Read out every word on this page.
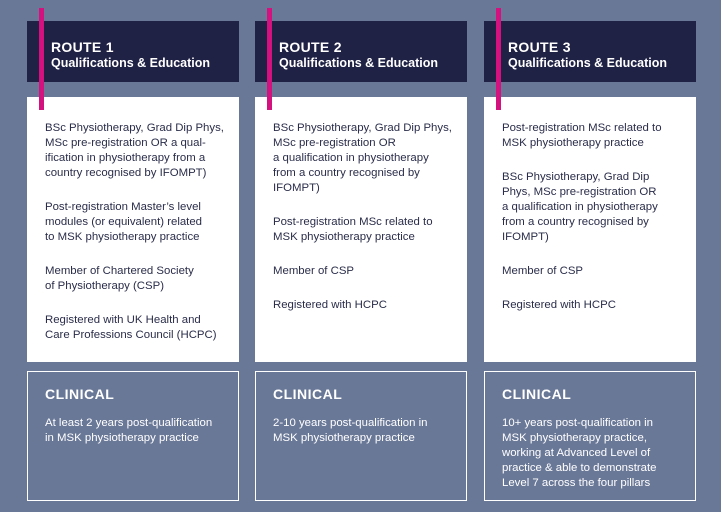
ROUTE 1
Qualifications & Education
BSc Physiotherapy, Grad Dip Phys,
MSc pre-registration OR a qual-
ification in physiotherapy from a
country recognised by IFOMPT)
Post-registration Master’s level
modules (or equivalent) related
to MSK physiotherapy practice
Member of Chartered Society
of Physiotherapy (CSP)
Registered with UK Health and
Care Professions Council (HCPC)
CLINICAL
At least 2 years post-qualification
in MSK physiotherapy practice
ROUTE 2
Qualifications & Education
BSc Physiotherapy, Grad Dip Phys,
MSc pre-registration OR
a qualification in physiotherapy
from a country recognised by
IFOMPT)
Post-registration MSc related to
MSK physiotherapy practice
Member of CSP
Registered with HCPC
CLINICAL
2-10 years post-qualification in
MSK physiotherapy practice
ROUTE 3
Qualifications & Education
Post-registration MSc related to
MSK physiotherapy practice
BSc Physiotherapy, Grad Dip
Phys, MSc pre-registration OR
a qualification in physiotherapy
from a country recognised by
IFOMPT)
Member of CSP
Registered with HCPC
CLINICAL
10+ years post-qualification in
MSK physiotherapy practice,
working at Advanced Level of
practice & able to demonstrate
Level 7 across the four pillars
